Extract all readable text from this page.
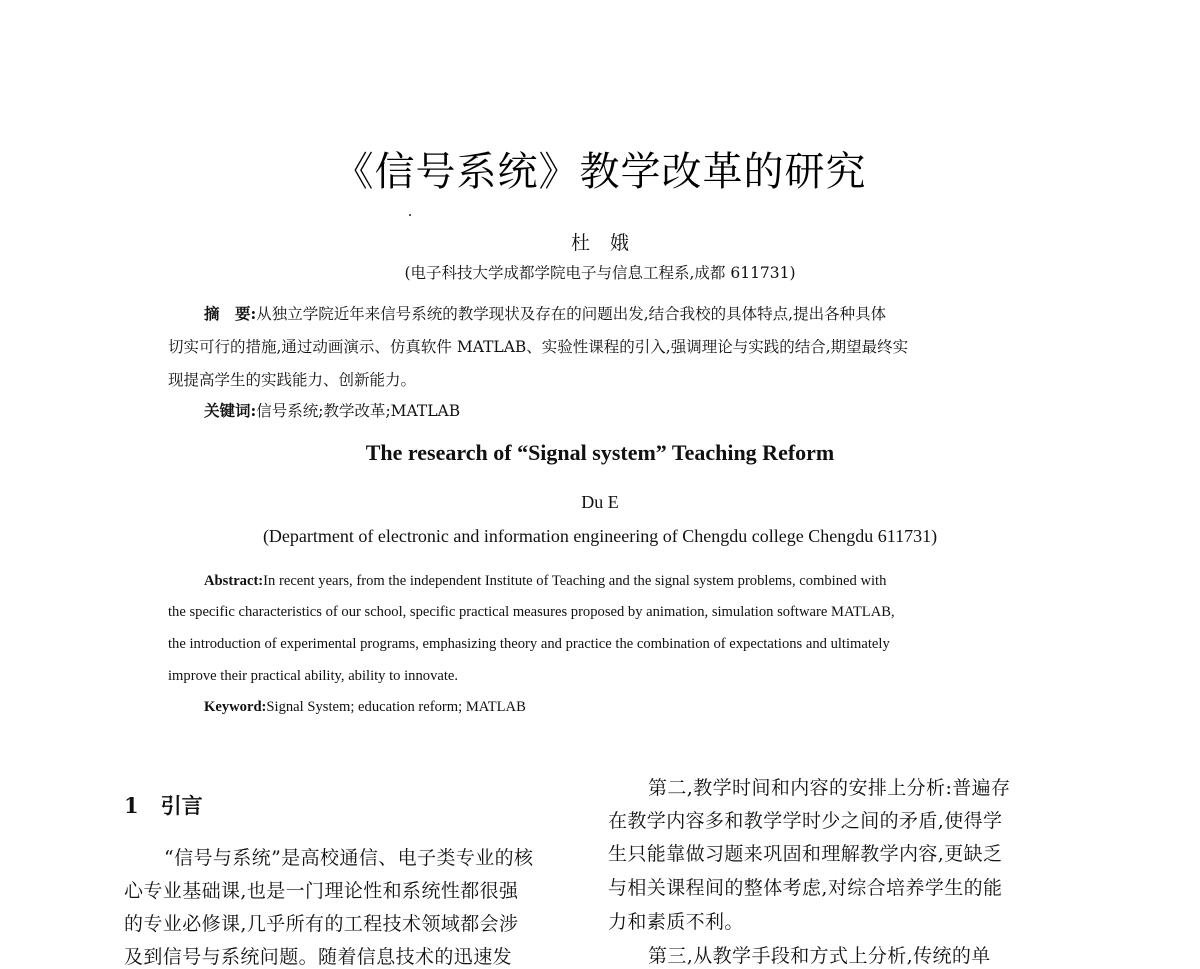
《信号系统》教学改革的研究
杜 娥
(电子科技大学成都学院电子与信息工程系,成都 611731)
摘　要:从独立学院近年来信号系统的教学现状及存在的问题出发,结合我校的具体特点,提出各种具体
切实可行的措施,通过动画演示、仿真软件 MATLAB、实验性课程的引入,强调理论与实践的结合,期望最终实
现提高学生的实践能力、创新能力。
关键词:信号系统;教学改革;MATLAB
The research of “Signal system” Teaching Reform
Du E
(Department of electronic and information engineering of Chengdu college Chengdu 611731)
Abstract:In recent years, from the independent Institute of Teaching and the signal system problems, combined with
the specific characteristics of our school, specific practical measures proposed by animation, simulation software MATLAB,
the introduction of experimental programs, emphasizing theory and practice the combination of expectations and ultimately
improve their practical ability, ability to innovate.
Keyword:Signal System; education reform; MATLAB
1 引言
“信号与系统”是高校通信、电子类专业的核
心专业基础课,也是一门理论性和系统性都很强
的专业必修课,几乎所有的工程技术领域都会涉
及到信号与系统问题。随着信息技术的迅速发
第二,教学时间和内容的安排上分析:普遍存
在教学内容多和教学学时少之间的矛盾,使得学
生只能靠做习题来巩固和理解教学内容,更缺乏
与相关课程间的整体考虑,对综合培养学生的能
力和素质不利。
第三,从教学手段和方式上分析,传统的单
